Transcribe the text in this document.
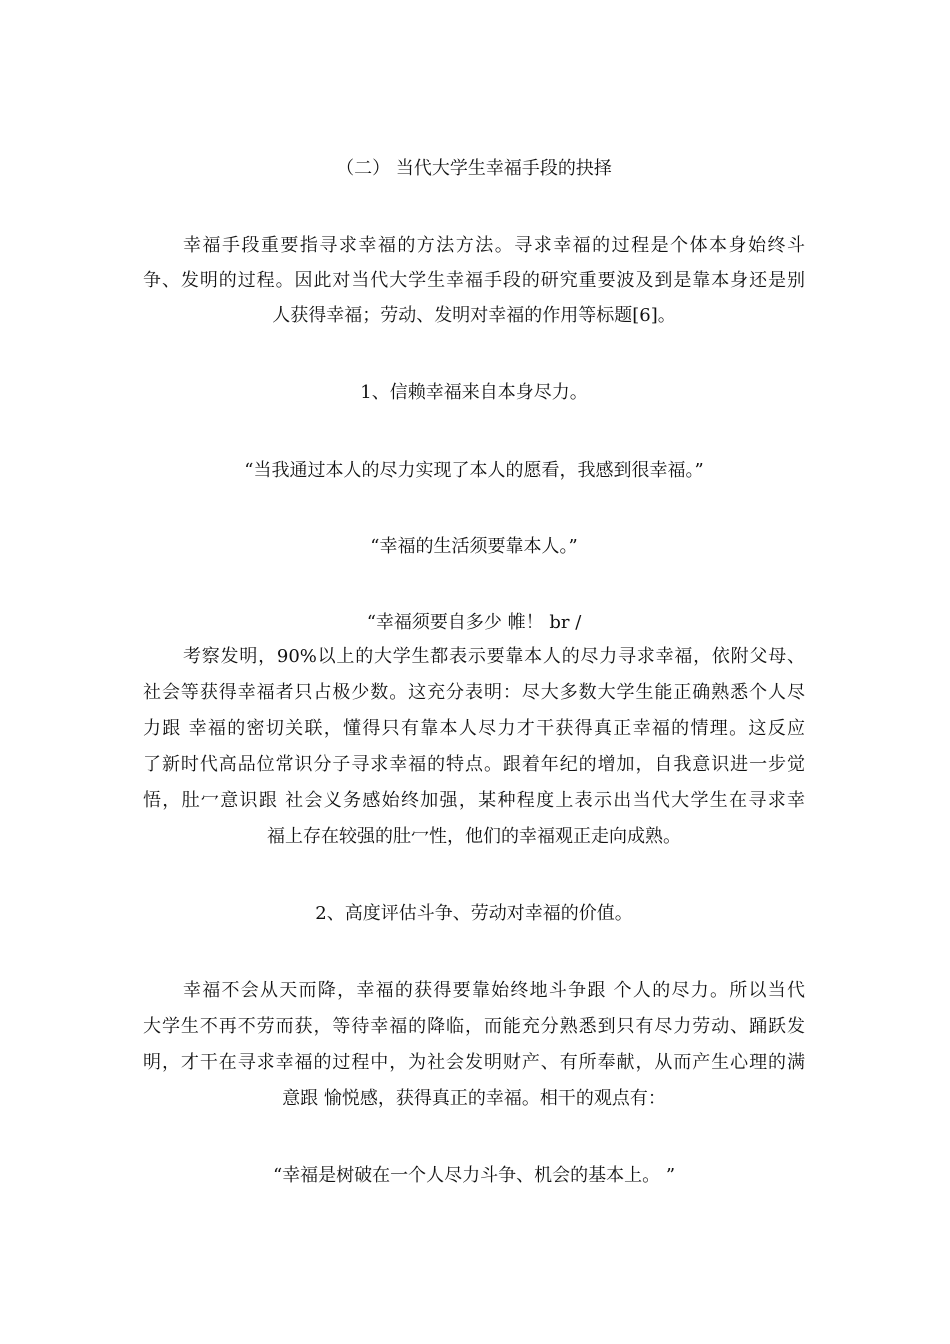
（二） 当代大学生幸福手段的抉择
幸福手段重要指寻求幸福的方法方法。寻求幸福的过程是个体本身始终斗
争、发明的过程。因此对当代大学生幸福手段的研究重要波及到是靠本身还是别
人获得幸福；劳动、发明对幸福的作用等标题[6]。
1、信赖幸福来自本身尽力。
“当我通过本人的尽力实现了本人的愿看，我感到很幸福。”
“幸福的生活须要靠本人。”
“幸福须要自多少 帷！ br /
考察发明，90%以上的大学生都表示要靠本人的尽力寻求幸福，依附父母、
社会等获得幸福者只占极少数。这充分表明：尽大多数大学生能正确熟悉个人尽
力跟 幸福的密切关联，懂得只有靠本人尽力才干获得真正幸福的情理。这反应
了新时代高品位常识分子寻求幸福的特点。跟着年纪的增加，自我意识进一步觉
悟，肚冖意识跟 社会义务感始终加强，某种程度上表示出当代大学生在寻求幸
福上存在较强的肚冖性，他们的幸福观正走向成熟。
2、高度评估斗争、劳动对幸福的价值。
幸福不会从天而降，幸福的获得要靠始终地斗争跟 个人的尽力。所以当代
大学生不再不劳而获，等待幸福的降临，而能充分熟悉到只有尽力劳动、踊跃发
明，才干在寻求幸福的过程中，为社会发明财产、有所奉献，从而产生心理的满
意跟 愉悦感，获得真正的幸福。相干的观点有：
“幸福是树破在一个人尽力斗争、机会的基本上。 ”
